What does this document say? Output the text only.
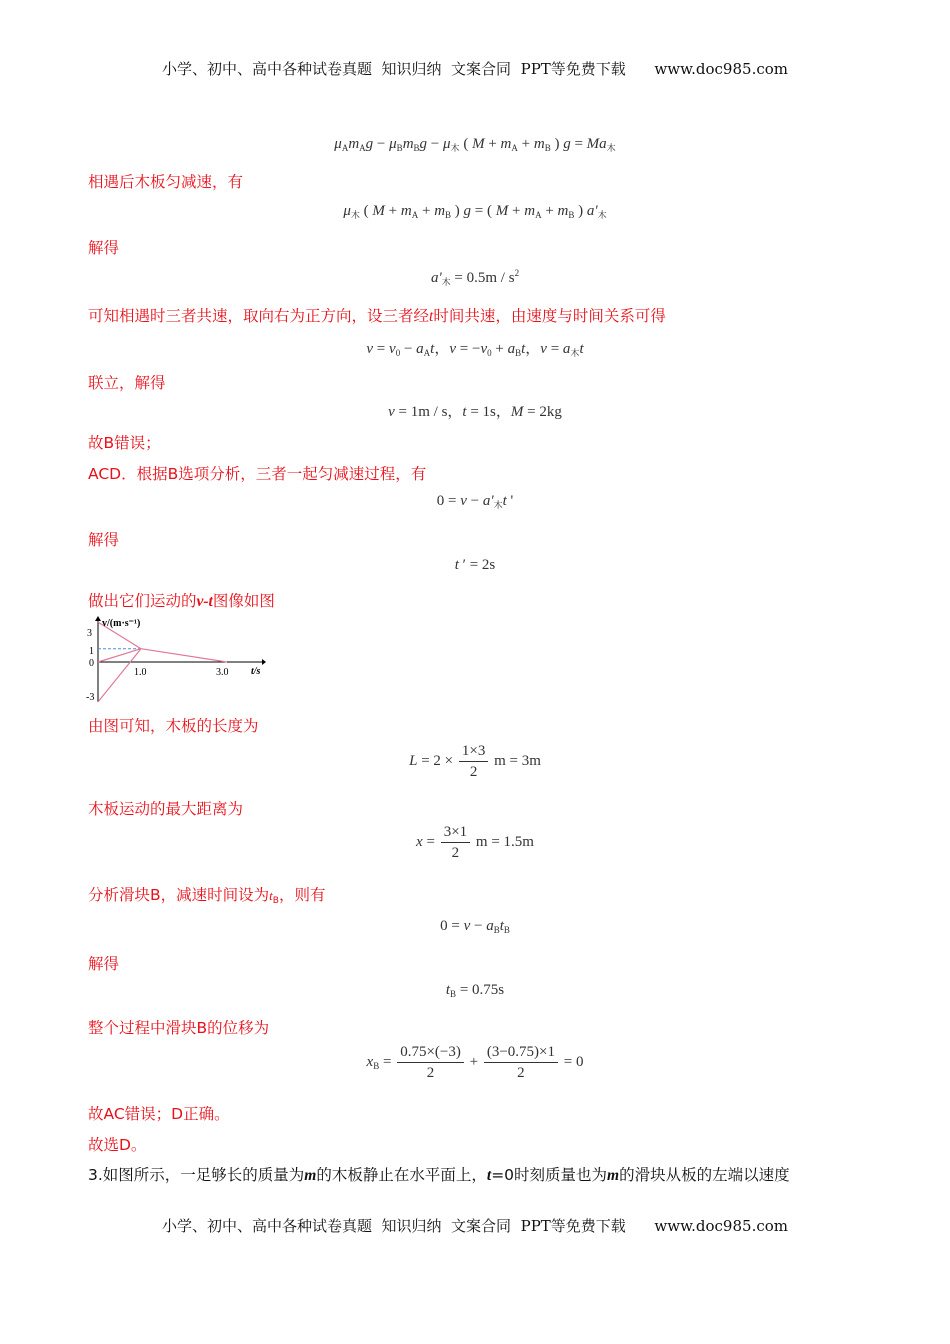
小学、初中、高中各种试卷真题  知识归纳  文案合同  PPT等免费下载      www.doc985.com
$\mu_Am_Ag - \mu_Bm_Bg - \mu_木$ ( $M + m_A + m_B$ ) $g = Ma_木$
相遇后木板匀减速，有
$\mu_木$ ( $M + m_A + m_B$ ) g = ( $M + m_A + m_B$ ) $a'_木$
解得
$a'_木 = 0.5m / s^2$
可知相遇时三者共速，取向右为正方向，设三者经t时间共速，由速度与时间关系可得
$v = v_0 - a_At$，$v = -v_0 + a_Bt$，$v = a_木t$
联立，解得
v = 1m / s，t = 1s，M = 2kg
故B错误；
ACD．根据B选项分析，三者一起匀减速过程，有
$0 = v - a'_木t$ '
解得
t ′ = 2s
做出它们运动的v-t图像如图
v/(m·s⁻¹)
t/s
3
1
0
-3
1.0	3.0
由图可知，木板的长度为
$L = 2 \times \frac{1\times 3}{2}$ m = 3m
木板运动的最大距离为
$x = \frac{3\times 1}{2}$ m = 1.5m
分析滑块B，减速时间设为$t_B$，则有
$0 = v - a_Bt_B$
解得
$t_B = 0.75s$
整个过程中滑块B的位移为
$x_B = \frac{0.75\times(-3)}{2} + \frac{(3-0.75)\times 1}{2} = 0$
故AC错误；D正确。
故选D。
3.如图所示，一足够长的质量为m的木板静止在水平面上，t=0时刻质量也为m的滑块从板的左端以速度
小学、初中、高中各种试卷真题  知识归纳  文案合同  PPT等免费下载      www.doc985.com
